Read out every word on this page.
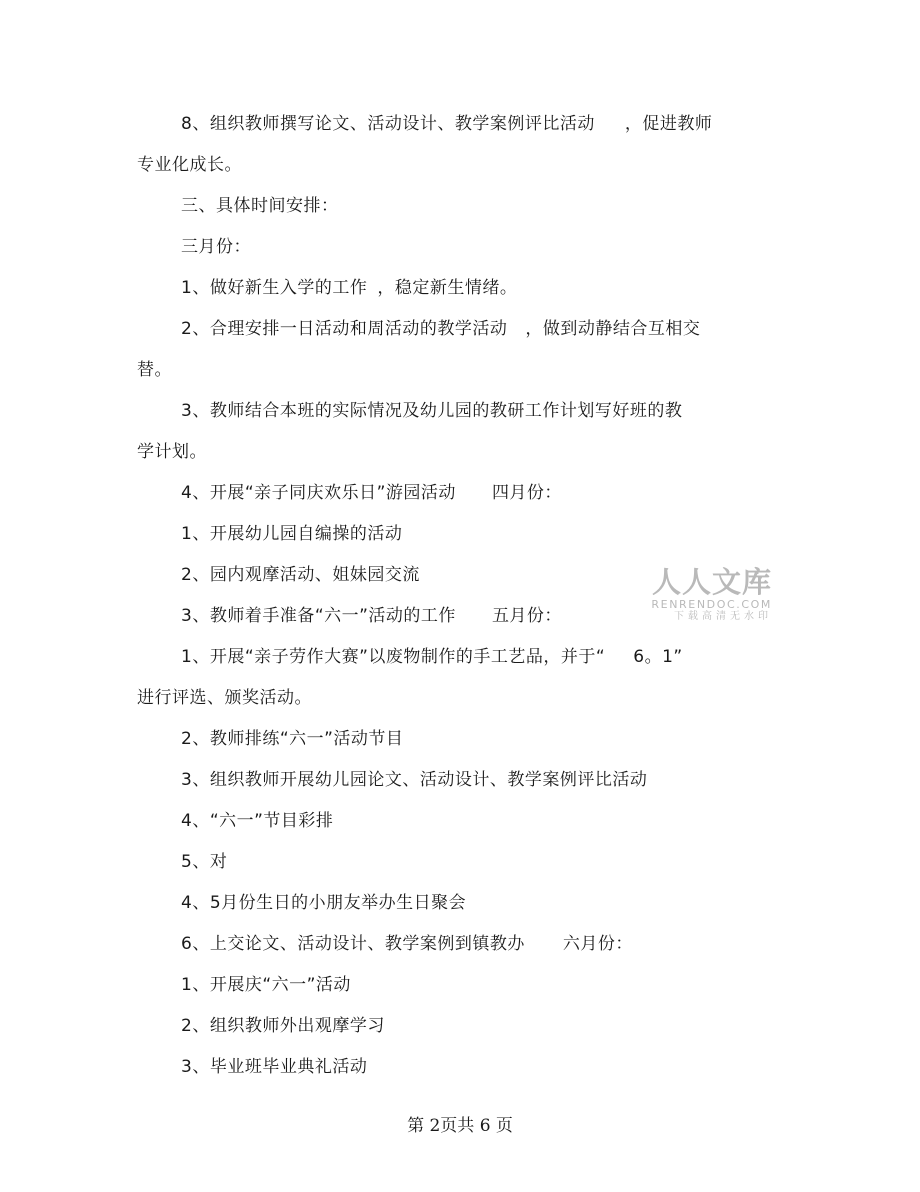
8、组织教师撰写论文、活动设计、教学案例评比活动 ，促进教师
专业化成长。
三、具体时间安排：
三月份：
1、做好新生入学的工作 ，稳定新生情绪。
2、合理安排一日活动和周活动的教学活动 ，做到动静结合互相交
替。
3、教师结合本班的实际情况及幼儿园的教研工作计划写好班的教
学计划。
4、开展“亲子同庆欢乐日”游园活动 四月份：
1、开展幼儿园自编操的活动
2、园内观摩活动、姐妹园交流
3、教师着手准备“六一”活动的工作 五月份：
1、开展“亲子劳作大赛”以废物制作的手工艺品，并于“ 6。1”
进行评选、颁奖活动。
2、教师排练“六一”活动节目
3、组织教师开展幼儿园论文、活动设计、教学案例评比活动
4、“六一”节目彩排
5、对
4、5月份生日的小朋友举办生日聚会
6、上交论文、活动设计、教学案例到镇教办 六月份：
1、开展庆“六一”活动
2、组织教师外出观摩学习
3、毕业班毕业典礼活动
人人文库
RENRENDOC.COM
下载高清无水印
第 2页共 6 页
